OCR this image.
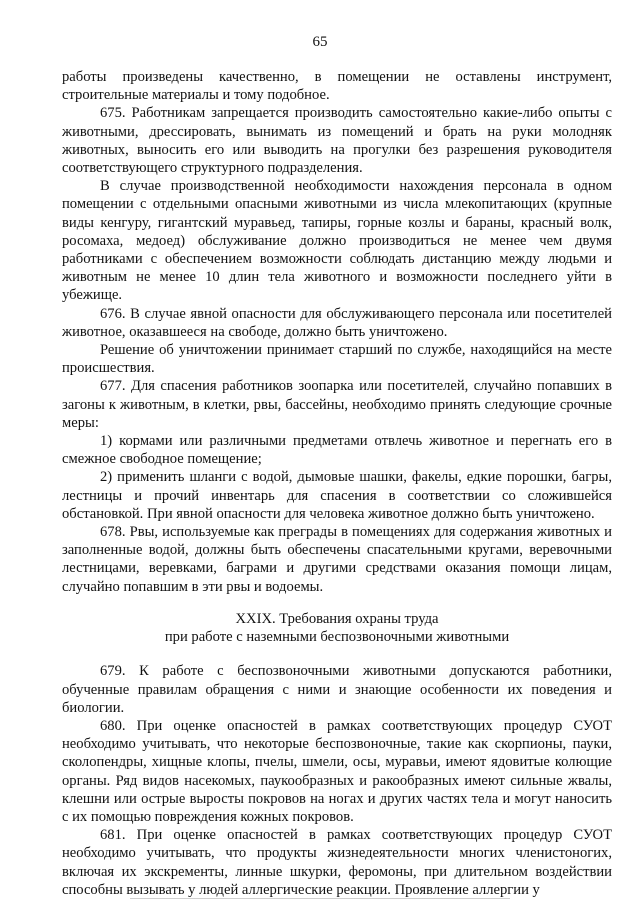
65

работы произведены качественно, в помещении не оставлены инструмент, строительные материалы и тому подобное.

675. Работникам запрещается производить самостоятельно какие-либо опыты с животными, дрессировать, вынимать из помещений и брать на руки молодняк животных, выносить его или выводить на прогулки без разрешения руководителя соответствующего структурного подразделения.

В случае производственной необходимости нахождения персонала в одном помещении с отдельными опасными животными из числа млекопитающих (крупные виды кенгуру, гигантский муравьед, тапиры, горные козлы и бараны, красный волк, росомаха, медоед) обслуживание должно производиться не менее чем двумя работниками с обеспечением возможности соблюдать дистанцию между людьми и животным не менее 10 длин тела животного и возможности последнего уйти в убежище.

676. В случае явной опасности для обслуживающего персонала или посетителей животное, оказавшееся на свободе, должно быть уничтожено.

Решение об уничтожении принимает старший по службе, находящийся на месте происшествия.

677. Для спасения работников зоопарка или посетителей, случайно попавших в загоны к животным, в клетки, рвы, бассейны, необходимо принять следующие срочные меры:

1) кормами или различными предметами отвлечь животное и перегнать его в смежное свободное помещение;

2) применить шланги с водой, дымовые шашки, факелы, едкие порошки, багры, лестницы и прочий инвентарь для спасения в соответствии со сложившейся обстановкой. При явной опасности для человека животное должно быть уничтожено.

678. Рвы, используемые как преграды в помещениях для содержания животных и заполненные водой, должны быть обеспечены спасательными кругами, веревочными лестницами, веревками, баграми и другими средствами оказания помощи лицам, случайно попавшим в эти рвы и водоемы.

XXIX. Требования охраны труда
при работе с наземными беспозвоночными животными

679. К работе с беспозвоночными животными допускаются работники, обученные правилам обращения с ними и знающие особенности их поведения и биологии.

680. При оценке опасностей в рамках соответствующих процедур СУОТ необходимо учитывать, что некоторые беспозвоночные, такие как скорпионы, пауки, сколопендры, хищные клопы, пчелы, шмели, осы, муравьи, имеют ядовитые колющие органы. Ряд видов насекомых, паукообразных и ракообразных имеют сильные жвалы, клешни или острые выросты покровов на ногах и других частях тела и могут наносить с их помощью повреждения кожных покровов.

681. При оценке опасностей в рамках соответствующих процедур СУОТ необходимо учитывать, что продукты жизнедеятельности многих членистоногих, включая их экскременты, линные шкурки, феромоны, при длительном воздействии способны вызывать у людей аллергические реакции. Проявление аллергии у
